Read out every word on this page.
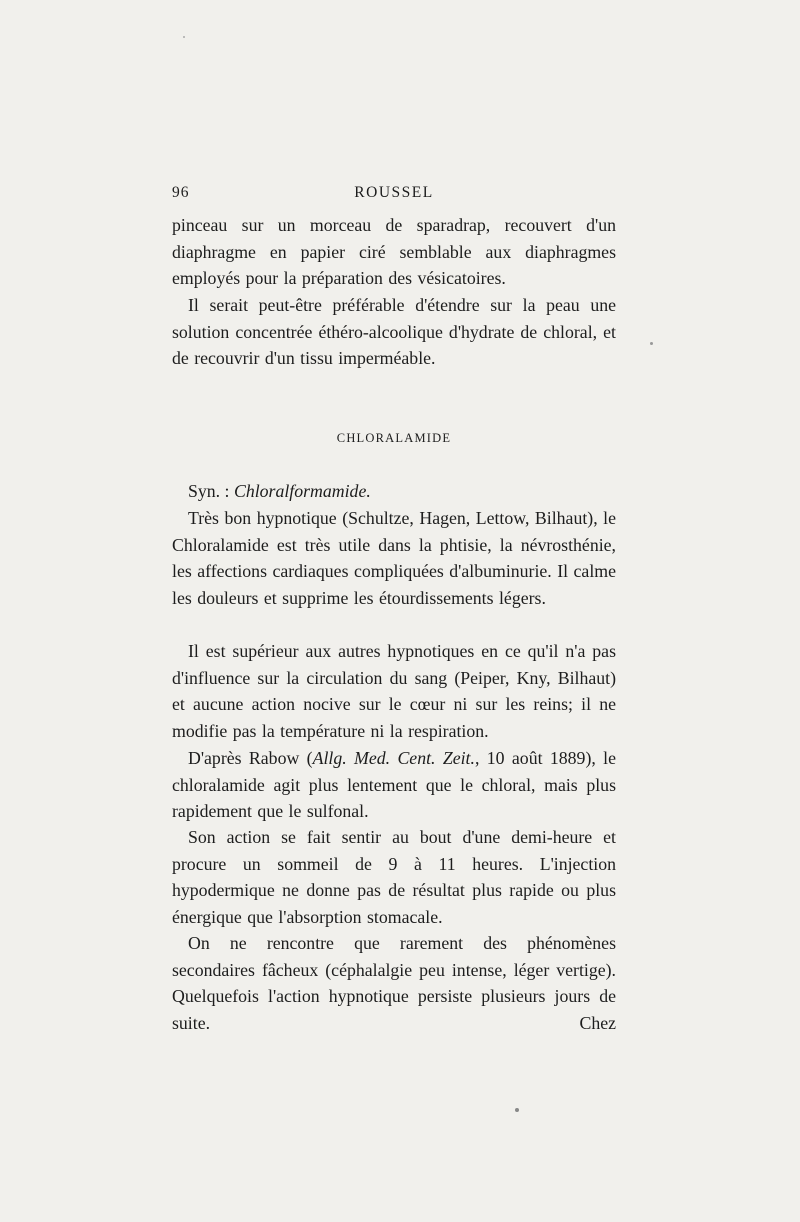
96	ROUSSEL

pinceau sur un morceau de sparadrap, recouvert d'un diaphragme en papier ciré semblable aux diaphragmes employés pour la préparation des vésicatoires.

Il serait peut-être préférable d'étendre sur la peau une solution concentrée éthéro-alcoolique d'hydrate de chloral, et de recouvrir d'un tissu imperméable.

CHLORALAMIDE
Syn. : Chloralformamide.

Très bon hypnotique (Schultze, Hagen, Lettow, Bilhaut), le Chloralamide est très utile dans la phtisie, la névrosthénie, les affections cardiaques compliquées d'albuminurie. Il calme les douleurs et supprime les étourdissements légers.

Il est supérieur aux autres hypnotiques en ce qu'il n'a pas d'influence sur la circulation du sang (Peiper, Kny, Bilhaut) et aucune action nocive sur le cœur ni sur les reins; il ne modifie pas la température ni la respiration.

D'après Rabow (Allg. Med. Cent. Zeit., 10 août 1889), le chloralamide agit plus lentement que le chloral, mais plus rapidement que le sulfonal.

Son action se fait sentir au bout d'une demi-heure et procure un sommeil de 9 à 11 heures. L'injection hypodermique ne donne pas de résultat plus rapide ou plus énergique que l'absorption stomacale.

On ne rencontre que rarement des phénomènes secondaires fâcheux (céphalalgie peu intense, léger vertige). Quelquefois l'action hypnotique persiste plusieurs jours de suite. Chez
